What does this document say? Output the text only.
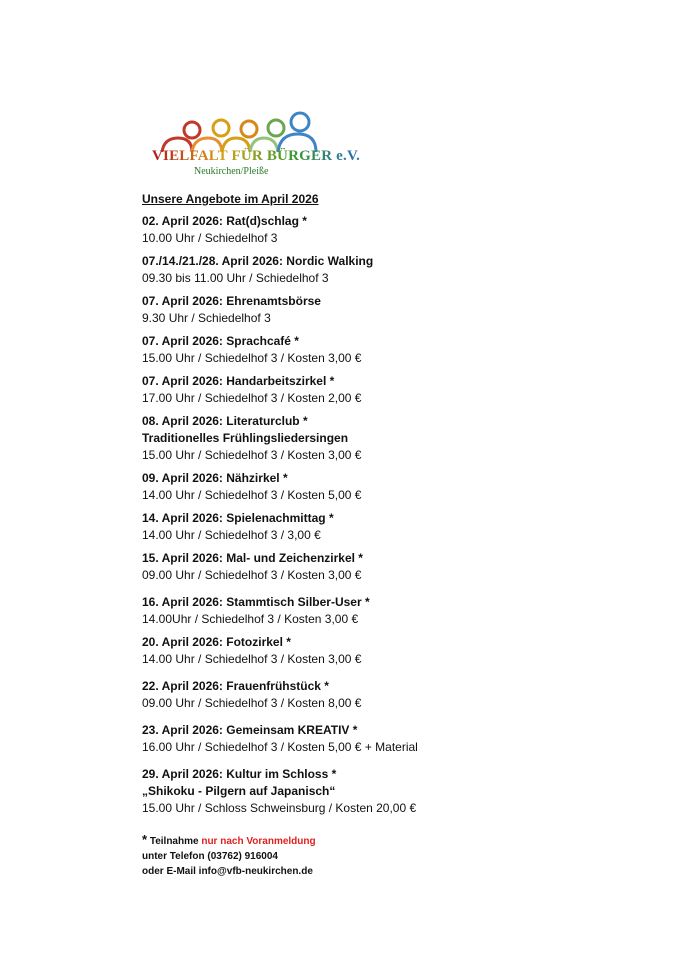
VIELFALT FÜR BÜRGER e.V.
Neukirchen/Pleiße
Unsere Angebote im April 2026
02. April 2026: Rat(d)schlag *
10.00 Uhr / Schiedelhof 3
07./14./21./28. April 2026: Nordic Walking
09.30 bis 11.00 Uhr / Schiedelhof 3
07. April 2026: Ehrenamtsbörse
9.30 Uhr / Schiedelhof 3
07. April 2026: Sprachcafé *
15.00 Uhr / Schiedelhof 3 / Kosten 3,00 €
07. April 2026: Handarbeitszirkel *
17.00 Uhr / Schiedelhof 3 / Kosten 2,00 €
08. April 2026: Literaturclub *
Traditionelles Frühlingsliedersingen
15.00 Uhr / Schiedelhof 3 / Kosten 3,00 €
09. April 2026: Nähzirkel *
14.00 Uhr / Schiedelhof 3 / Kosten 5,00 €
14. April 2026: Spielenachmittag *
14.00 Uhr / Schiedelhof 3 / 3,00 €
15. April 2026: Mal- und Zeichenzirkel *
09.00 Uhr / Schiedelhof 3 / Kosten 3,00 €
16. April 2026: Stammtisch Silber-User *
14.00Uhr / Schiedelhof 3 / Kosten 3,00 €
20. April 2026: Fotozirkel *
14.00 Uhr / Schiedelhof 3 / Kosten 3,00 €
22. April 2026: Frauenfrühstück *
09.00 Uhr / Schiedelhof 3 / Kosten 8,00 €
23. April 2026: Gemeinsam KREATIV *
16.00 Uhr / Schiedelhof 3 / Kosten 5,00 € + Material
29. April 2026: Kultur im Schloss *
„Shikoku - Pilgern auf Japanisch“
15.00 Uhr / Schloss Schweinsburg / Kosten 20,00 €
* Teilnahme nur nach Voranmeldung
unter Telefon (03762) 916004
oder E-Mail info@vfb-neukirchen.de
